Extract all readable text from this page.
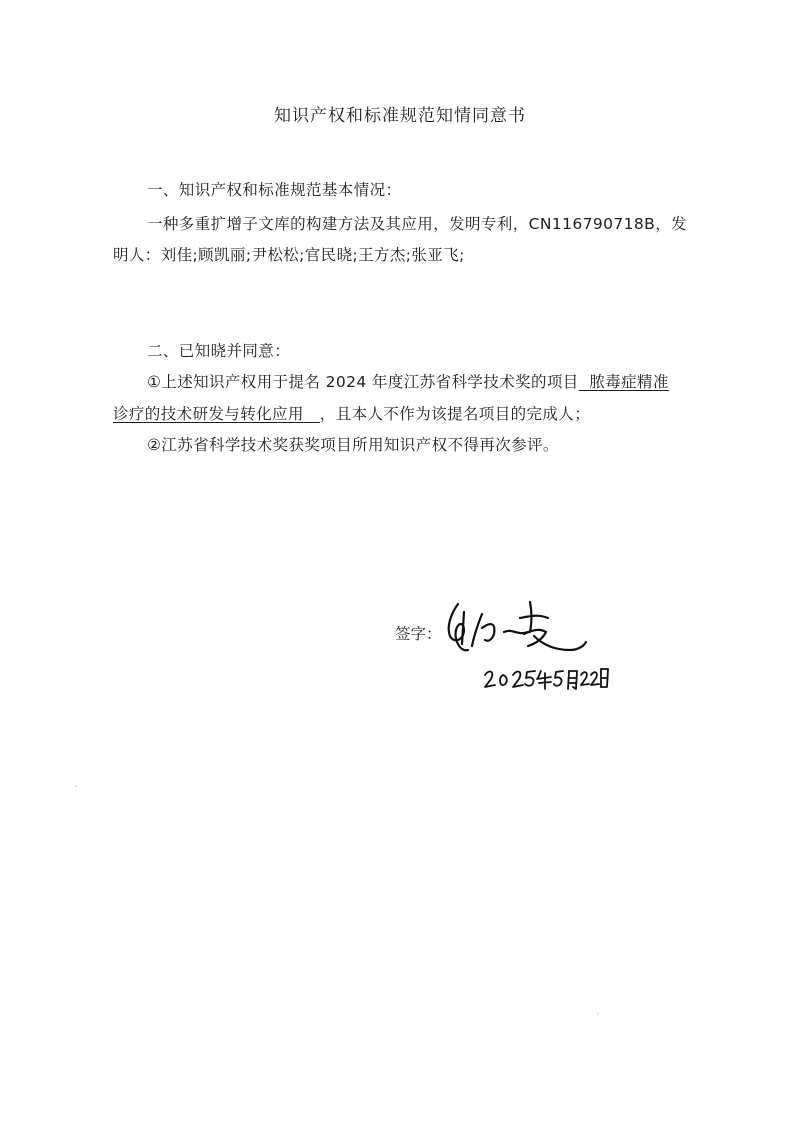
知识产权和标准规范知情同意书
一、知识产权和标准规范基本情况：
一种多重扩增子文库的构建方法及其应用，发明专利，CN116790718B，发
明人：刘佳;顾凯丽;尹松松;官民晓;王方杰;张亚飞;
二、已知晓并同意：
①上述知识产权用于提名 2024 年度江苏省科学技术奖的项目 脓毒症精准
诊疗的技术研发与转化应用 ，且本人不作为该提名项目的完成人；
②江苏省科学技术奖获奖项目所用知识产权不得再次参评。
签字：
